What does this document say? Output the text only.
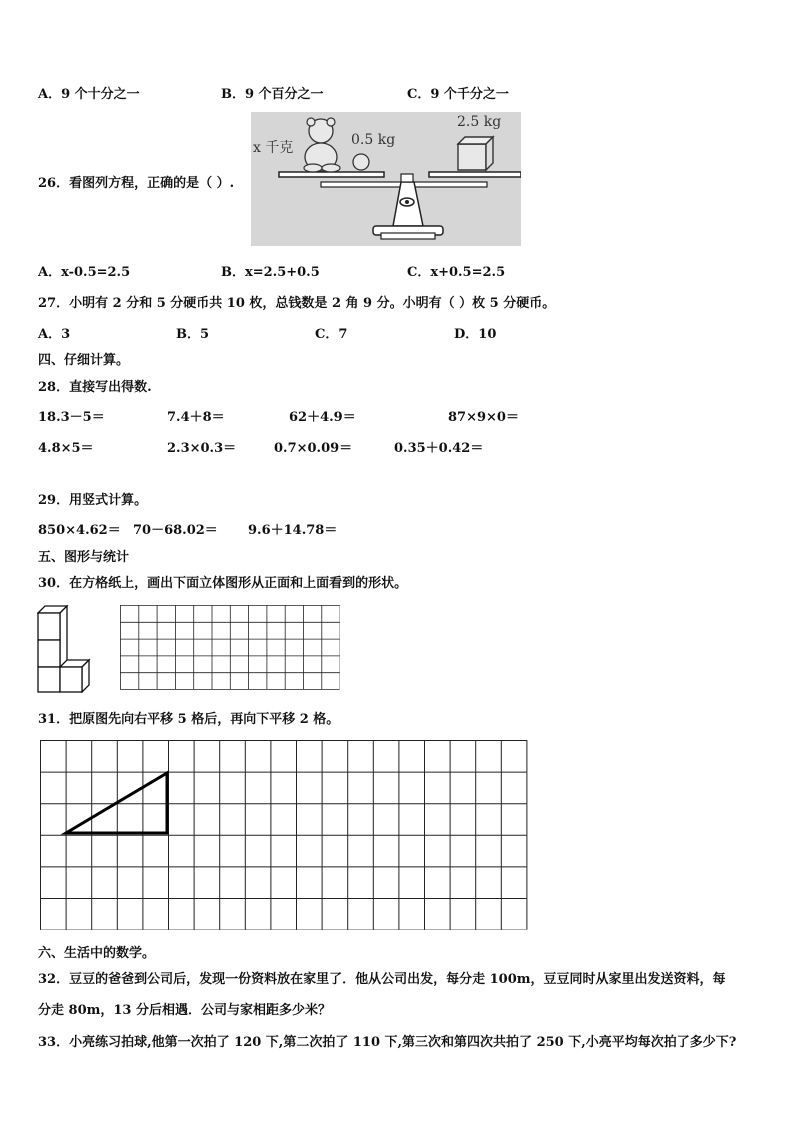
A．9 个十分之一	B．9 个百分之一	C．9 个千分之一
26．看图列方程，正确的是（ ）.
x 千克	0.5 kg
2.5 kg
A．x-0.5=2.5	B．x=2.5+0.5	C．x+0.5=2.5
27．小明有 2 分和 5 分硬币共 10 枚，总钱数是 2 角 9 分。小明有（ ）枚 5 分硬币。
A．3	B．5	C．7	D．10
四、仔细计算。
28．直接写出得数.
18.3－5＝	7.4＋8＝	62＋4.9＝	87×9×0＝
4.8×5＝	2.3×0.3＝	0.7×0.09＝	0.35＋0.42＝
29．用竖式计算。
850×4.62＝ 70－68.02＝ 9.6＋14.78＝
五、图形与统计
30．在方格纸上，画出下面立体图形从正面和上面看到的形状。
31．把原图先向右平移 5 格后，再向下平移 2 格。
六、生活中的数学。
32．豆豆的爸爸到公司后，发现一份资料放在家里了．他从公司出发，每分走 100m，豆豆同时从家里出发送资料，每
分走 80m，13 分后相遇．公司与家相距多少米？
33．小亮练习拍球,他第一次拍了 120 下,第二次拍了 110 下,第三次和第四次共拍了 250 下,小亮平均每次拍了多少下?
